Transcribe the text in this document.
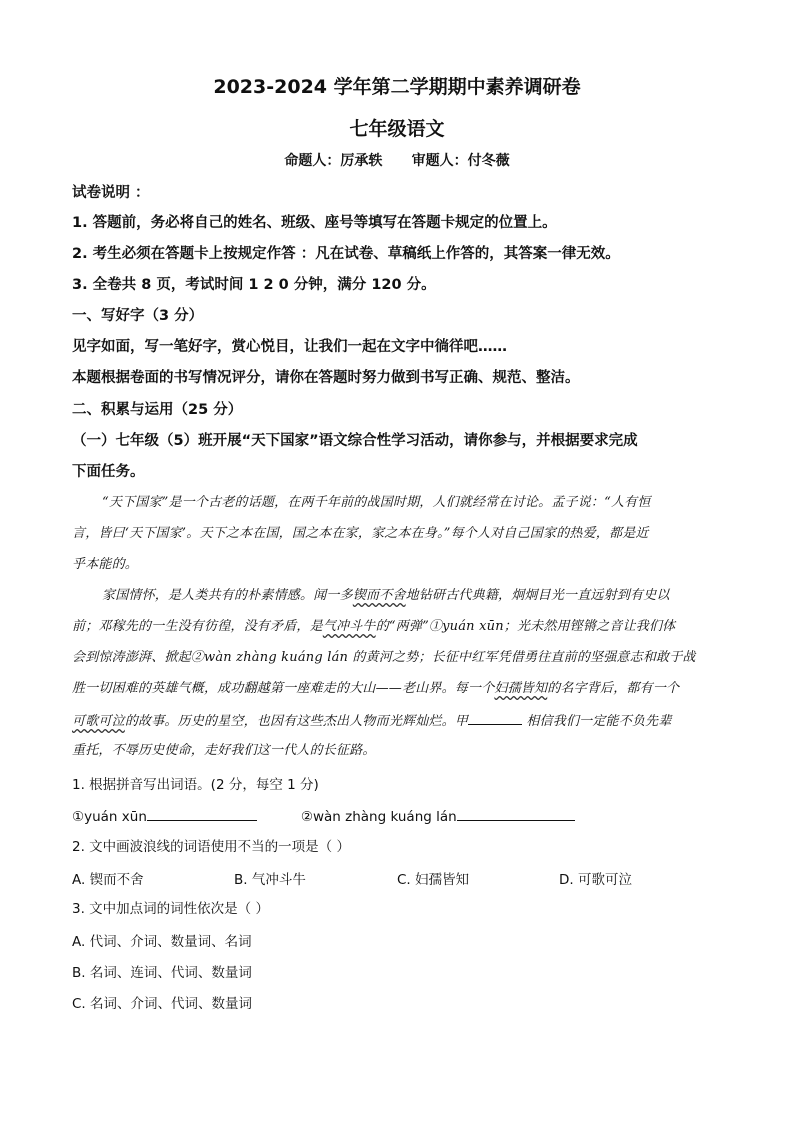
2023-2024 学年第二学期期中素养调研卷
七年级语文
命题人：厉承轶      审题人：付冬薇
试卷说明 ：
1. 答题前，务必将自己的姓名、班级、座号等填写在答题卡规定的位置上。
2. 考生必须在答题卡上按规定作答 ：凡在试卷、草稿纸上作答的，其答案一律无效。
3. 全卷共 8 页，考试时间 1 2 0 分钟，满分 120 分。
一、写好字（3 分）
见字如面，写一笔好字，赏心悦目，让我们一起在文字中徜徉吧……
本题根据卷面的书写情况评分，请你在答题时努力做到书写正确、规范、整洁。
二、积累与运用（25 分）
（一）七年级（5）班开展“天下国家”语文综合性学习活动，请你参与，并根据要求完成
下面任务。
“天下国家”是一个古老的话题，在两千年前的战国时期，人们就经常在讨论。孟子说：“人有恒
言，皆曰‘天下国家’。天下之本在国，国之本在家，家之本在身。”每个人对自己国家的热爱，都是近
乎本能的。
家国情怀，是人类共有的朴素情感。闻一多锲而不舍地钻研古代典籍，炯炯目光一直远射到有史以
前；邓稼先的一生没有彷徨，没有矛盾，是气冲斗牛的“两弹”①yuán xūn；光未然用铿锵之音让我们体
会到惊涛澎湃、掀起②wàn zhàng kuáng lán 的黄河之势；长征中红军凭借勇往直前的坚强意志和敢于战
胜一切困难的英雄气概，成功翻越第一座难走的大山——老山界。每一个妇孺皆知的名字背后，都有一个
可歌可泣的故事。历史的星空，也因有这些杰出人物而光辉灿烂。甲	相信我们一定能不负先辈
重托，不辱历史使命，走好我们这一代人的长征路。
1. 根据拼音写出词语。(2 分，每空 1 分)
①yuán xūn	②wàn zhàng kuáng lán
2. 文中画波浪线的词语使用不当的一项是（ ）
A. 锲而不舍	B. 气冲斗牛	C. 妇孺皆知	D. 可歌可泣
3. 文中加点词的词性依次是（ ）
A. 代词、介词、数量词、名词
B. 名词、连词、代词、数量词
C. 名词、介词、代词、数量词
